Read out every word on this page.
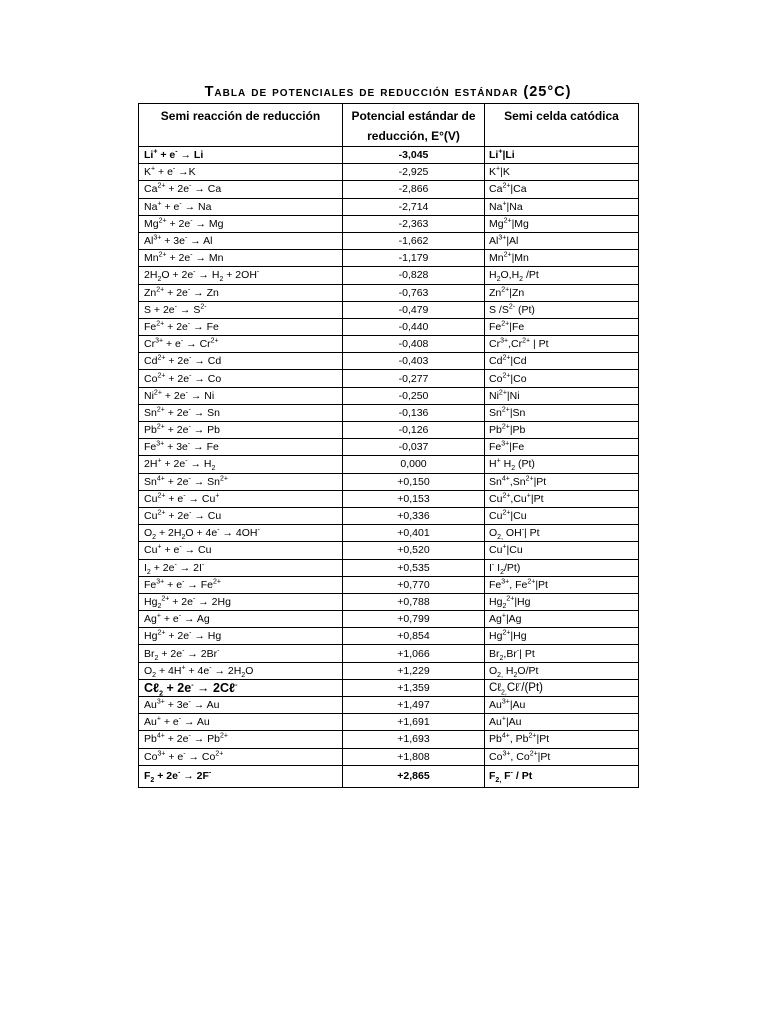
Tabla de potenciales de reducción estándar (25°C)
Semi reacción de reducción	Potencial estándar de reducción, E°(V)	Semi celda catódica
Li+ + e- → Li	-3,045	Li+|Li
K+ + e- →K	-2,925	K+|K
$Ca^{2+} + 2e^- \to Ca$	-2,866	$Ca^{2+}|Ca$
Na+ + e- → Na	-2,714	Na+|Na
$Mg^{2+} + 2e^- \to Mg$	-2,363	$Mg^{2+}|Mg$
$Al^{3+} + 3e^- \to Al$	-1,662	$Al^{3+}|Al$
$Mn^{2+} + 2e^- \to Mn$	-1,179	$Mn^{2+}|Mn$
$2H_2O + 2e^- \to H_2 + 2OH^-$	-0,828	$H_2O,H_2$ /Pt
$Zn^{2+} + 2e^- \to Zn$	-0,763	$Zn^{2+}|Zn$
$S + 2e^- \to S^{2-}$	-0,479	S $/S^{2-}$ (Pt)
$Fe^{2+} + 2e^- \to Fe$	-0,440	$Fe^{2+}|Fe$
$Cr^{3+} + e^- \to Cr^{2+}$	-0,408	$Cr^{3+},Cr^{2+}$ | Pt
$Cd^{2+} + 2e^- \to Cd$	-0,403	$Cd^{2+}|Cd$
$Co^{2+} + 2e^- \to Co$	-0,277	$Co^{2+}|Co$
$Ni^{2+} + 2e^- \to Ni$	-0,250	$Ni^{2+}|Ni$
$Sn^{2+} + 2e^- \to Sn$	-0,136	$Sn^{2+}|Sn$
$Pb^{2+} + 2e^- \to Pb$	-0,126	$Pb^{2+}|Pb$
$Fe^{3+} + 3e^- \to Fe$	-0,037	$Fe^{3+}|Fe$
$2H^+ + 2e^- \to H_2$	0,000	H+ $H_2$ (Pt)
$Sn^{4+} + 2e^- \to Sn^{2+}$	+0,150	$Sn^{4+},Sn^{2+}|Pt$
$Cu^{2+} + e^- \to Cu^+$	+0,153	$Cu^{2+},Cu^+|Pt$
$Cu^{2+} + 2e^- \to Cu$	+0,336	$Cu^{2+}|Cu$
$O_2 + 2H_2O + 4e^- \to 4OH^-$	+0,401	$O_{2,}$ OH-| Pt
Cu+ + e- → Cu	+0,520	Cu+|Cu
$I_2 + 2e^- \to 2I^-$	+0,535	I- $I_2/Pt$)
$Fe^{3+} + e^- \to Fe^{2+}$	+0,770	$Fe^{3+}$, $Fe^{2+}|Pt$
$Hg_2^{2+} + 2e^- \to 2Hg$	+0,788	$Hg_2^{2+}|Hg$
Ag+ + e- → Ag	+0,799	Ag+|Ag
$Hg^{2+} + 2e^- \to Hg$	+0,854	$Hg^{2+}|Hg$
$Br_2 + 2e^- \to 2Br^-$	+1,066	$Br_2,Br^-|$ Pt
$O_2 + 4H^+ + 4e^- \to 2H_2O$	+1,229	$O_{2,}$ $H_2O/Pt$
Cℓ$_2$ + 2e- → 2Cℓ-	+1,359	Cℓ$_{2,}$Cℓ-/(Pt)
$Au^{3+} + 3e^- \to Au$	+1,497	$Au^{3+}|Au$
Au+ + e- → Au	+1,691	Au+|Au
$Pb^{4+} + 2e^- \to Pb^{2+}$	+1,693	$Pb^{4+}$, $Pb^{2+}|Pt$
$Co^{3+} + e^- \to Co^{2+}$	+1,808	$Co^{3+}$, $Co^{2+}|Pt$
$F_2 + 2e^- \to 2F^-$	+2,865	$F_{2,}$ F- / Pt
